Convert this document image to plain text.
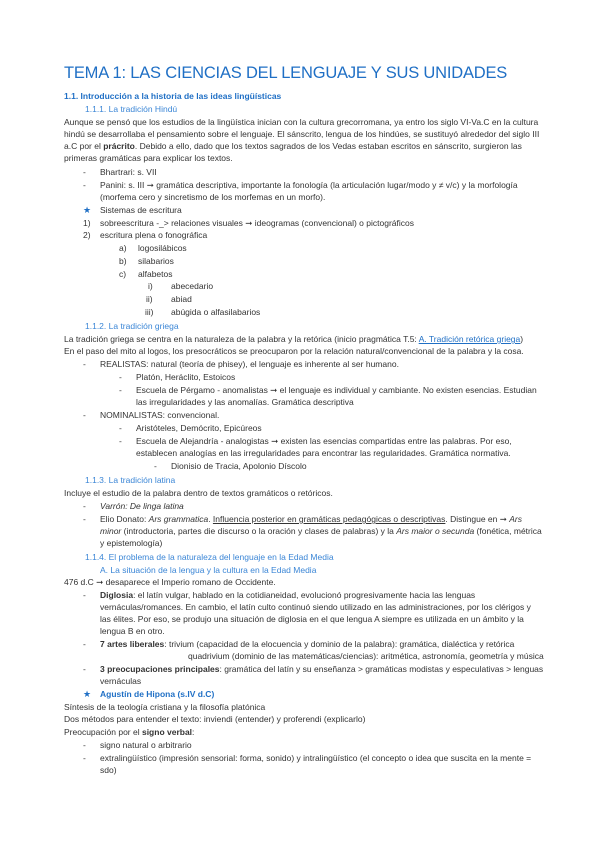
TEMA 1: LAS CIENCIAS DEL LENGUAJE Y SUS UNIDADES
1.1. Introducción a la historia de las ideas lingüísticas
1.1.1. La tradición Hindú
Aunque se pensó que los estudios de la lingüística inician con la cultura grecorromana, ya entro los siglo VI-Va.C en la cultura
hindú se desarrollaba el pensamiento sobre el lenguaje. El sánscrito, lengua de los hindúes, se sustituyó alrededor del siglo III
a.C por el prácrito. Debido a ello, dado que los textos sagrados de los Vedas estaban escritos en sánscrito, surgieron las
primeras gramáticas para explicar los textos.
- Bhartrari: s. VII
- Panini: s. III ➞ gramática descriptiva, importante la fonología (la articulación lugar/modo y ≠ v/c) y la morfología
(morfema cero y sincretismo de los morfemas en un morfo).
★ Sistemas de escritura
1) sobreescritura -_> relaciones visuales ➞ ideogramas (convencional) o pictográficos
2) escritura plena o fonográfica
a) logosilábicos
b) silabarios
c) alfabetos
i) abecedario
ii) abiad
iii) abúgida o alfasilabarios
1.1.2. La tradición griega
La tradición griega se centra en la naturaleza de la palabra y la retórica (inicio pragmática T.5: A. Tradición retórica griega)
En el paso del mito al logos, los presocráticos se preocuparon por la relación natural/convencional de la palabra y la cosa.
- REALISTAS: natural (teoría de phisey), el lenguaje es inherente al ser humano.
- Platón, Heráclito, Estoicos
- Escuela de Pérgamo - anomalistas ➞ el lenguaje es individual y cambiante. No existen esencias. Estudian
las irregularidades y las anomalías. Gramática descriptiva
- NOMINALISTAS: convencional.
- Aristóteles, Demócrito, Epicúreos
- Escuela de Alejandría - analogistas ➞ existen las esencias compartidas entre las palabras. Por eso,
establecen analogías en las irregularidades para encontrar las regularidades. Gramática normativa.
- Dionisio de Tracia, Apolonio Díscolo
1.1.3. La tradición latina
Incluye el estudio de la palabra dentro de textos gramáticos o retóricos.
- Varrón: De linga latina
- Elio Donato: Ars grammatica. Influencia posterior en gramáticas pedagógicas o descriptivas. Distingue en ➞ Ars
minor (introductoria, partes die discurso o la oración y clases de palabras) y la Ars maior o secunda (fonética, métrica
y epistemología)
1.1.4. El problema de la naturaleza del lenguaje en la Edad Media
A. La situación de la lengua y la cultura en la Edad Media
476 d.C ➞ desaparece el Imperio romano de Occidente.
- Diglosia: el latín vulgar, hablado en la cotidianeidad, evolucionó progresivamente hacia las lenguas
vernáculas/romances. En cambio, el latín culto continuó siendo utilizado en las administraciones, por los clérigos y
las élites. Por eso, se produjo una situación de diglosia en el que lengua A siempre es utilizada en un ámbito y la
lengua B en otro.
- 7 artes liberales: trivium (capacidad de la elocuencia y dominio de la palabra): gramática, dialéctica y retórica
quadrivium (dominio de las matemáticas/ciencias): aritmética, astronomía, geometría y música
- 3 preocupaciones principales: gramática del latín y su enseñanza > gramáticas modistas y especulativas > lenguas
vernáculas
★ Agustín de Hipona (s.IV d.C)
Síntesis de la teología cristiana y la filosofía platónica
Dos métodos para entender el texto: inviendi (entender) y proferendi (explicarlo)
Preocupación por el signo verbal:
- signo natural o arbitrario
- extralingüístico (impresión sensorial: forma, sonido) y intralingüístico (el concepto o idea que suscita en la mente =
sdo)
